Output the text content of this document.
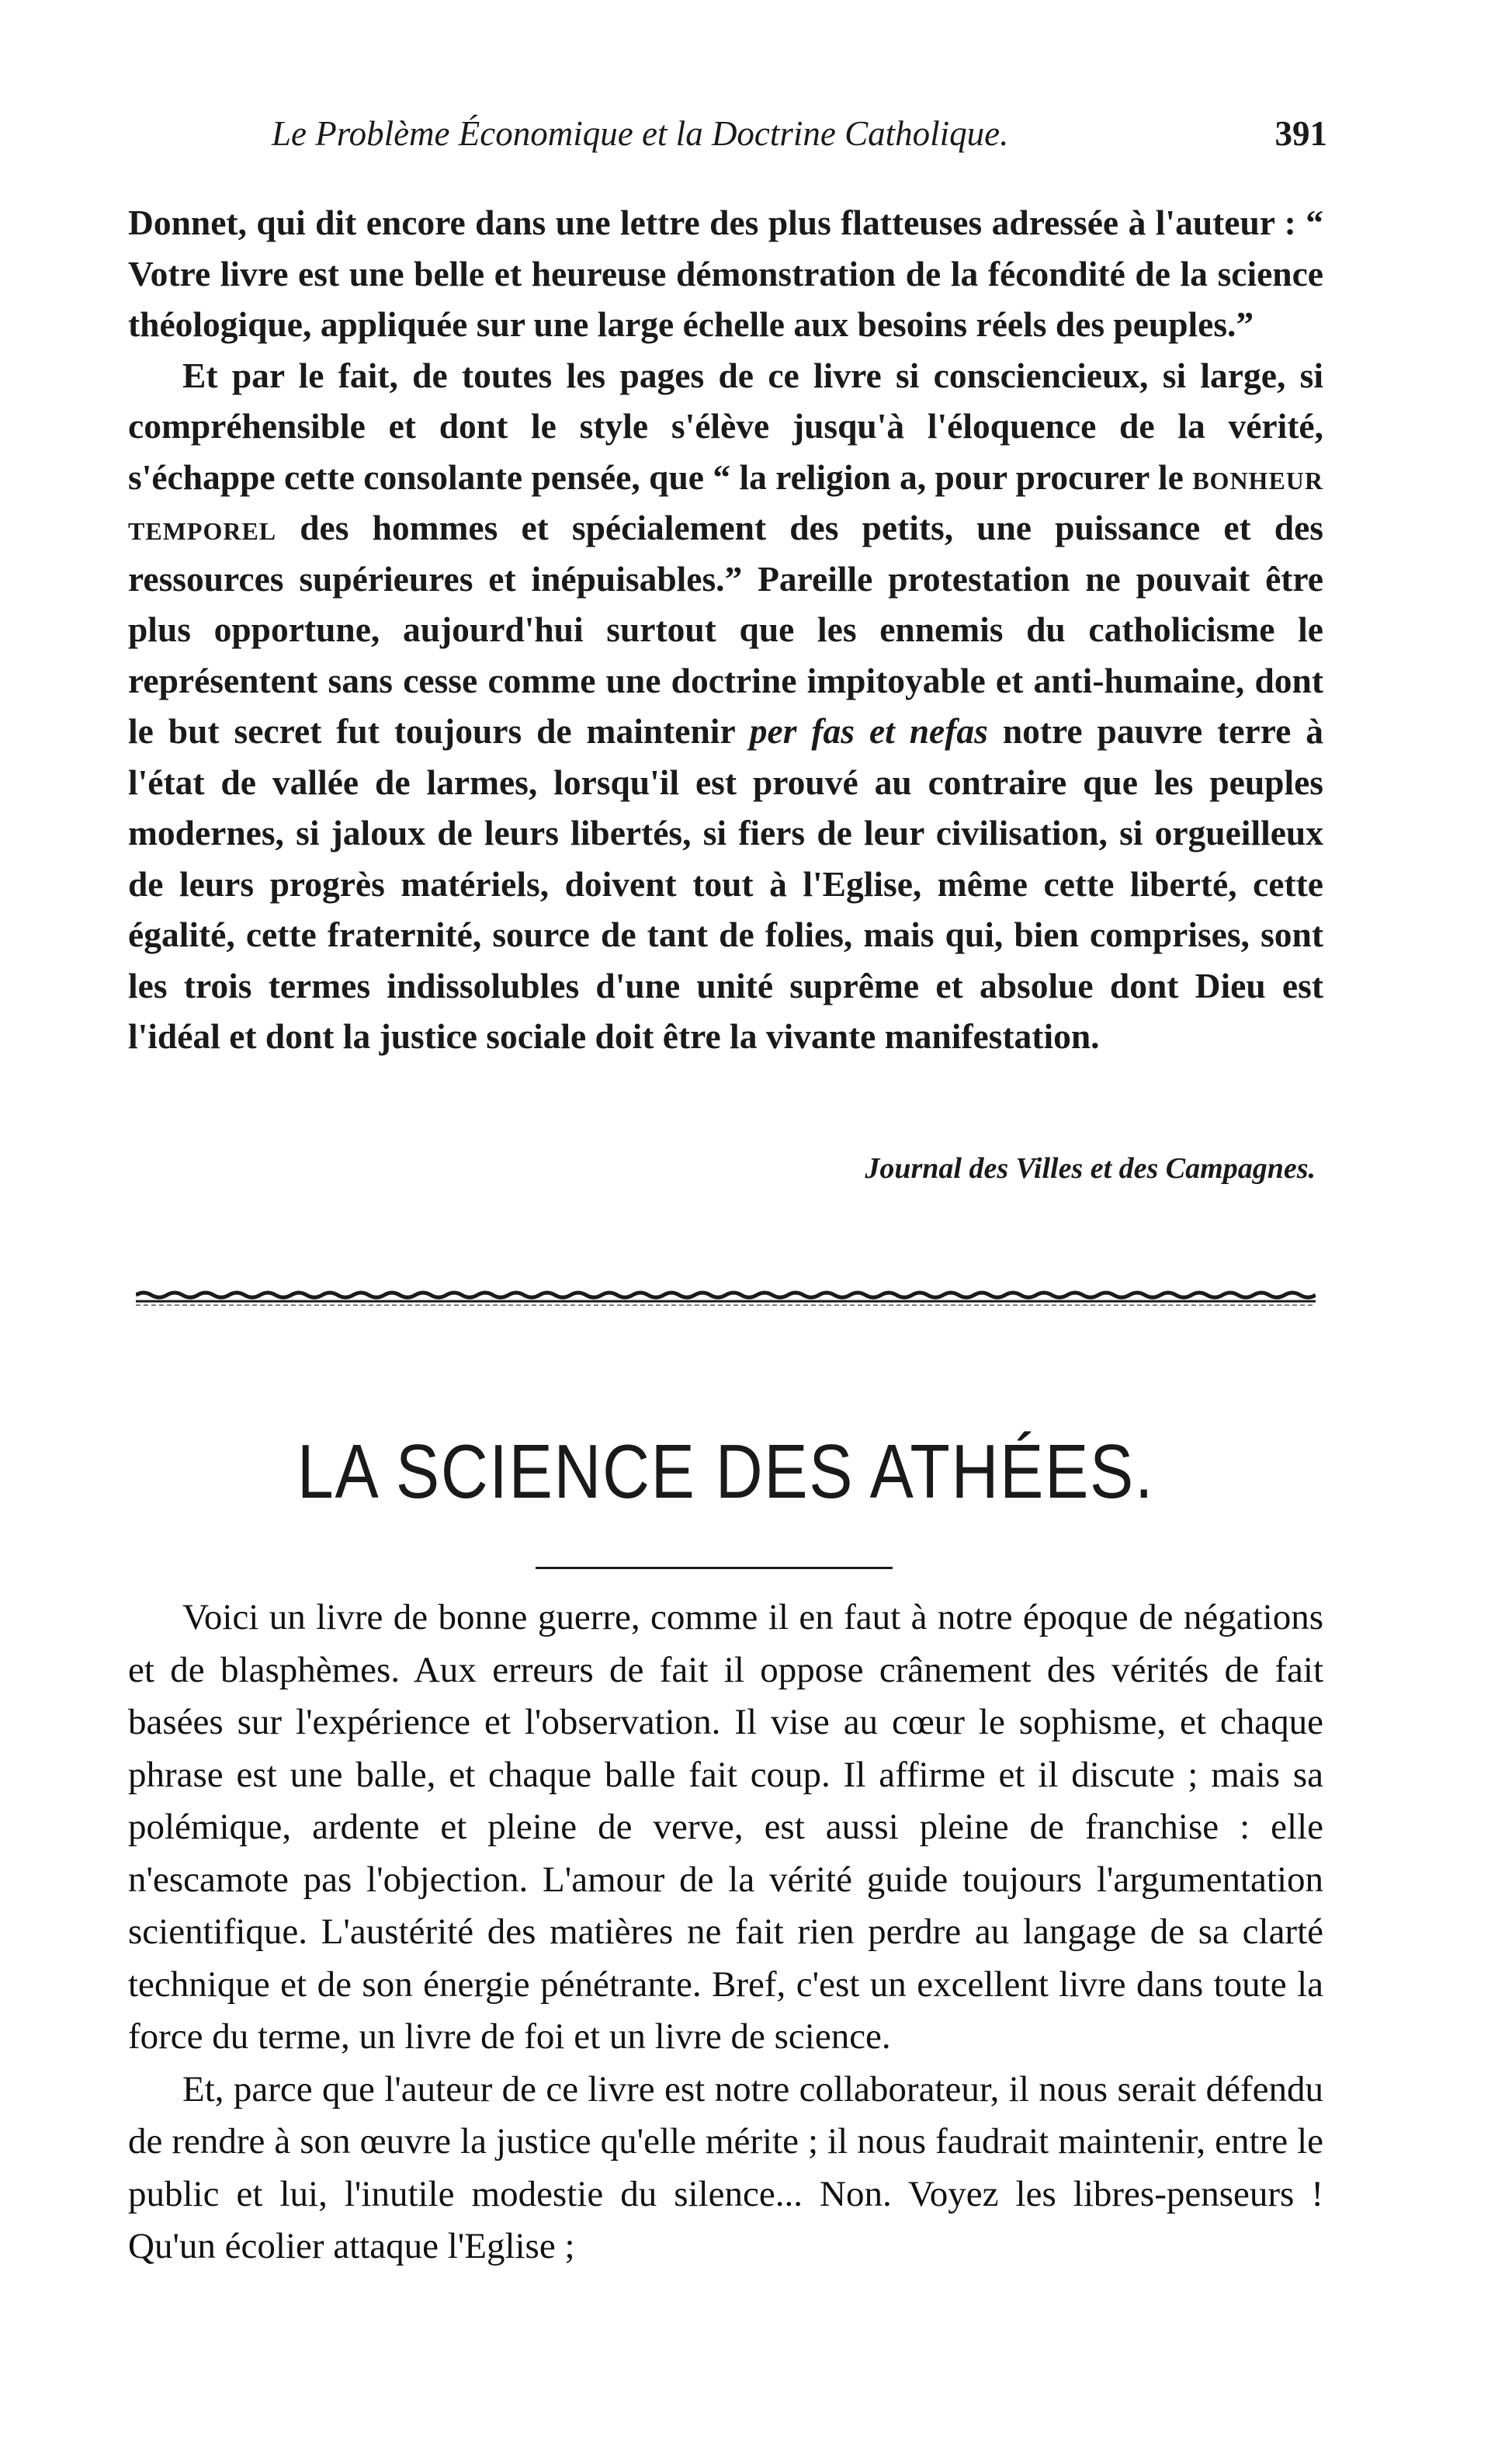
Le Problème Économique et la Doctrine Catholique.	391

Donnet, qui dit encore dans une lettre des plus flatteuses adressée à l'auteur : “ Votre livre est une belle et heureuse démonstration de la fécondité de la science théologique, appliquée sur une large échelle aux besoins réels des peuples.”

Et par le fait, de toutes les pages de ce livre si consciencieux, si large, si compréhensible et dont le style s'élève jusqu'à l'éloquence de la vérité, s'échappe cette consolante pensée, que “ la religion a, pour procurer le bonheur temporel des hommes et spécialement des petits, une puissance et des ressources supérieures et inépuisables.” Pareille protestation ne pouvait être plus opportune, aujourd'hui surtout que les ennemis du catholicisme le représentent sans cesse comme une doctrine impitoyable et anti-humaine, dont le but secret fut toujours de maintenir per fas et nefas notre pauvre terre à l'état de vallée de larmes, lorsqu'il est prouvé au contraire que les peuples modernes, si jaloux de leurs libertés, si fiers de leur civilisation, si orgueilleux de leurs progrès matériels, doivent tout à l'Eglise, même cette liberté, cette égalité, cette fraternité, source de tant de folies, mais qui, bien comprises, sont les trois termes indissolubles d'une unité suprême et absolue dont Dieu est l'idéal et dont la justice sociale doit être la vivante manifestation.

Journal des Villes et des Campagnes.
LA SCIENCE DES ATHÉES.

Voici un livre de bonne guerre, comme il en faut à notre époque de négations et de blasphèmes. Aux erreurs de fait il oppose crânement des vérités de fait basées sur l'expérience et l'observation. Il vise au cœur le sophisme, et chaque phrase est une balle, et chaque balle fait coup. Il affirme et il discute ; mais sa polémique, ardente et pleine de verve, est aussi pleine de franchise : elle n'escamote pas l'objection. L'amour de la vérité guide toujours l'argumentation scientifique. L'austérité des matières ne fait rien perdre au langage de sa clarté technique et de son énergie pénétrante. Bref, c'est un excellent livre dans toute la force du terme, un livre de foi et un livre de science.

Et, parce que l'auteur de ce livre est notre collaborateur, il nous serait défendu de rendre à son œuvre la justice qu'elle mérite ; il nous faudrait maintenir, entre le public et lui, l'inutile modestie du silence... Non. Voyez les libres-penseurs ! Qu'un écolier attaque l'Eglise ;
